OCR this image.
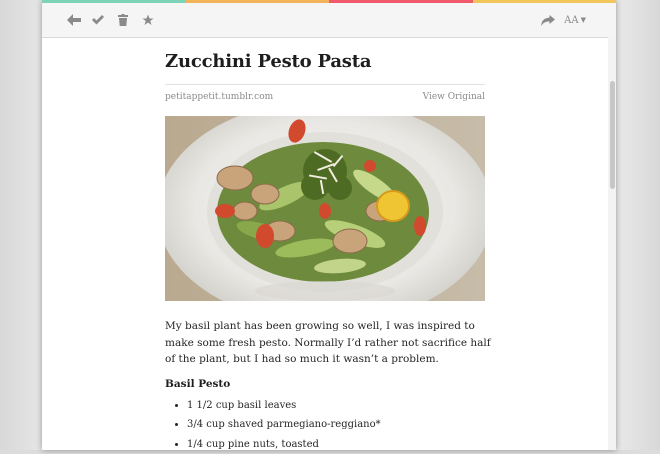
AA ▼
Zucchini Pesto Pasta
petitappetit.tumblr.com	View Original

My basil plant has been growing so well, I was inspired to make some fresh pesto. Normally I’d rather not sacrifice half of the plant, but I had so much it wasn’t a problem.

Basil Pesto
• 1 1/2 cup basil leaves
• 3/4 cup shaved parmegiano-reggiano*
• 1/4 cup pine nuts, toasted
